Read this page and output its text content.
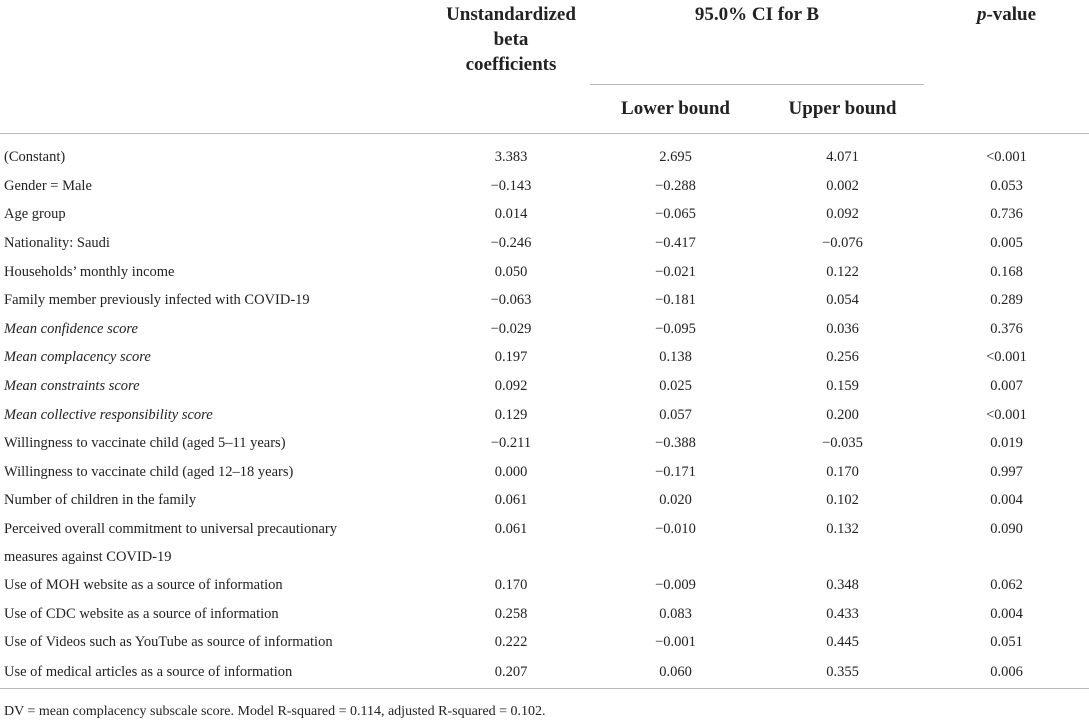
	Unstandardized
beta
coefficients	95.0% CI for B		p-value
		Lower bound	Upper bound	

(Constant)	3.383	2.695	4.071	<0.001
Gender = Male	−0.143	−0.288	0.002	0.053
Age group	0.014	−0.065	0.092	0.736
Nationality: Saudi	−0.246	−0.417	−0.076	0.005
Households’ monthly income	0.050	−0.021	0.122	0.168
Family member previously infected with COVID-19	−0.063	−0.181	0.054	0.289
Mean confidence score	−0.029	−0.095	0.036	0.376
Mean complacency score	0.197	0.138	0.256	<0.001
Mean constraints score	0.092	0.025	0.159	0.007
Mean collective responsibility score	0.129	0.057	0.200	<0.001
Willingness to vaccinate child (aged 5–11 years)	−0.211	−0.388	−0.035	0.019
Willingness to vaccinate child (aged 12–18 years)	0.000	−0.171	0.170	0.997
Number of children in the family	0.061	0.020	0.102	0.004

Perceived overall commitment to universal precautionary
measures against COVID-19	0.061	−0.010	0.132	0.090
Use of MOH website as a source of information	0.170	−0.009	0.348	0.062
Use of CDC website as a source of information	0.258	0.083	0.433	0.004
Use of Videos such as YouTube as source of information	0.222	−0.001	0.445	0.051
Use of medical articles as a source of information	0.207	0.060	0.355	0.006
DV = mean complacency subscale score. Model R-squared = 0.114, adjusted R-squared = 0.102.
